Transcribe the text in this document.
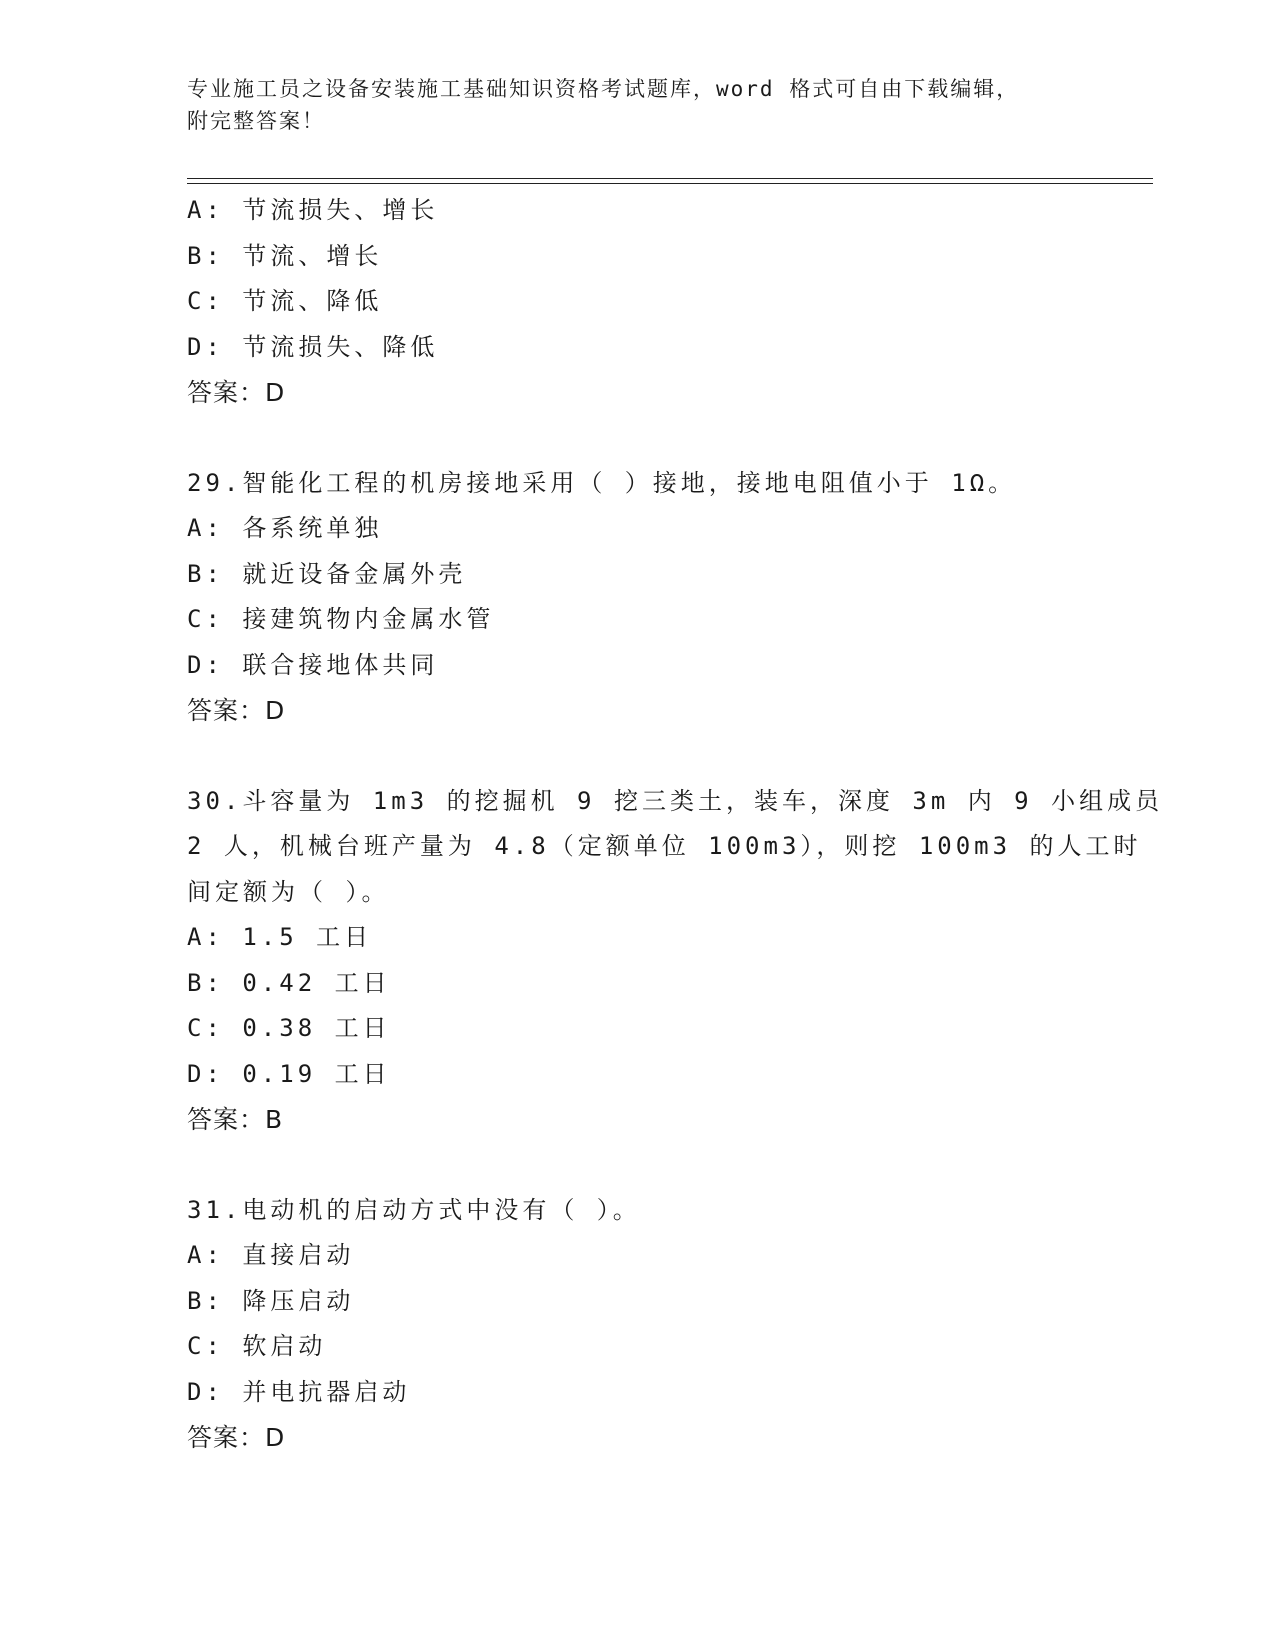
专业施工员之设备安装施工基础知识资格考试题库，word 格式可自由下载编辑，
附完整答案！
A: 节流损失、增长
B: 节流、增长
C: 节流、降低
D: 节流损失、降低
答案：D
29.智能化工程的机房接地采用（ ）接地，接地电阻值小于 1Ω。
A: 各系统单独
B: 就近设备金属外壳
C: 接建筑物内金属水管
D: 联合接地体共同
答案：D
30.斗容量为 1m3 的挖掘机 9 挖三类土，装车，深度 3m 内 9 小组成员
2 人，机械台班产量为 4.8（定额单位 100m3），则挖 100m3 的人工时
间定额为（ ）。
A: 1.5 工日
B: 0.42 工日
C: 0.38 工日
D: 0.19 工日
答案：B
31.电动机的启动方式中没有（ ）。
A: 直接启动
B: 降压启动
C: 软启动
D: 并电抗器启动
答案：D
